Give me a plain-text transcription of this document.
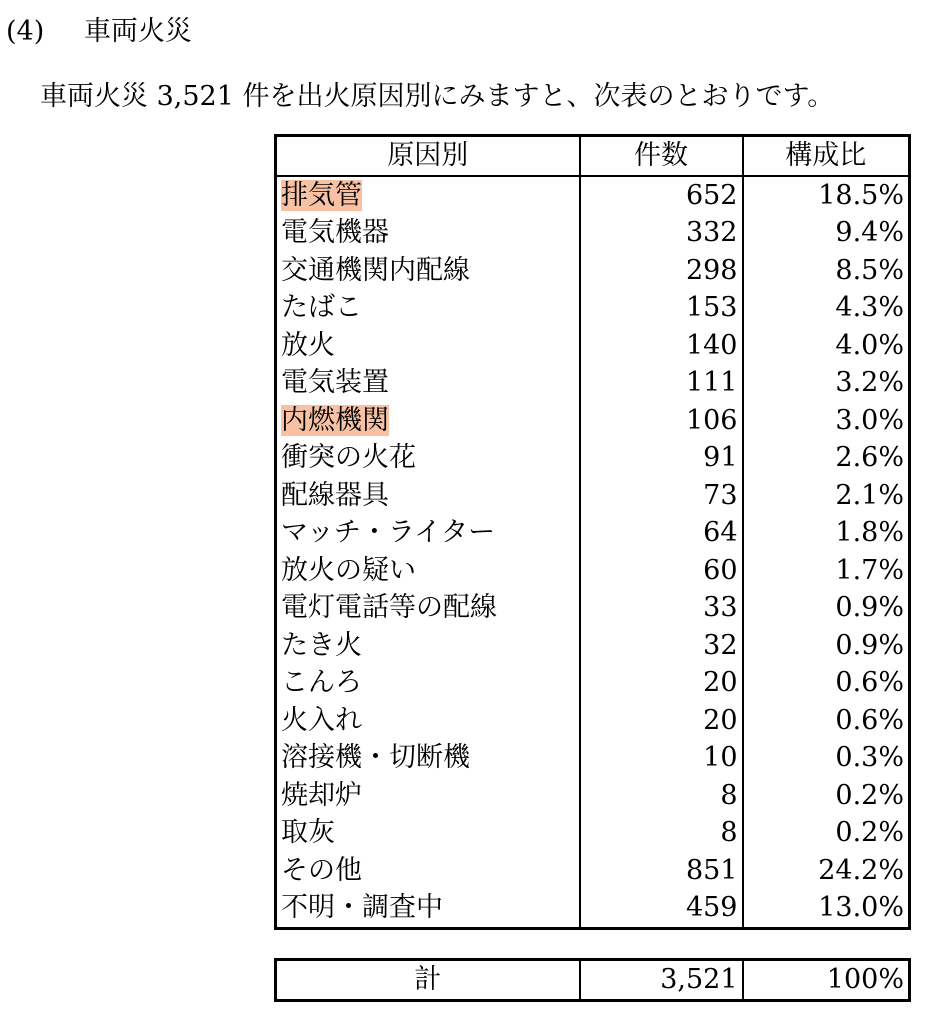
(4) 車両火災
車両火災 3,521 件を出火原因別にみますと、次表のとおりです。
原因別	件数	構成比
排気管	652	18.5%
電気機器	332	9.4%
交通機関内配線	298	8.5%
たばこ	153	4.3%
放火	140	4.0%
電気装置	111	3.2%
内燃機関	106	3.0%
衝突の火花	91	2.6%
配線器具	73	2.1%
マッチ・ライター	64	1.8%
放火の疑い	60	1.7%
電灯電話等の配線	33	0.9%
たき火	32	0.9%
こんろ	20	0.6%
火入れ	20	0.6%
溶接機・切断機	10	0.3%
焼却炉	8	0.2%
取灰	8	0.2%
その他	851	24.2%
不明・調査中	459	13.0%
計	3,521	100%
